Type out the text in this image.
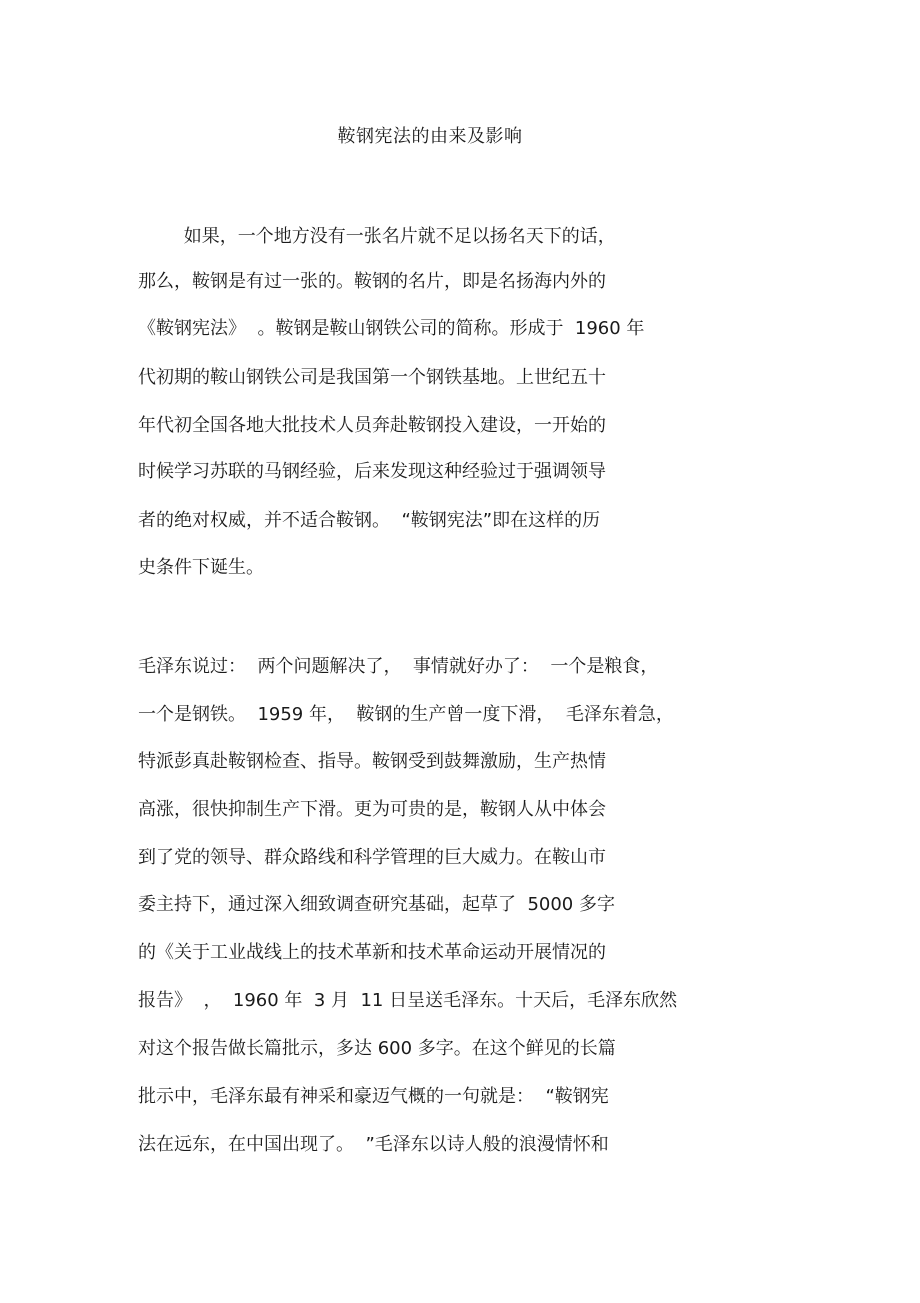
鞍钢宪法的由来及影响
如果，一个地方没有一张名片就不足以扬名天下的话，
那么，鞍钢是有过一张的。鞍钢的名片，即是名扬海内外的
《鞍钢宪法》  。鞍钢是鞍山钢铁公司的简称。形成于  1960 年
代初期的鞍山钢铁公司是我国第一个钢铁基地。上世纪五十
年代初全国各地大批技术人员奔赴鞍钢投入建设，一开始的
时候学习苏联的马钢经验，后来发现这种经验过于强调领导
者的绝对权威，并不适合鞍钢。  “鞍钢宪法”即在这样的历
史条件下诞生。
毛泽东说过：  两个问题解决了，  事情就好办了：  一个是粮食，
一个是钢铁。  1959 年，  鞍钢的生产曾一度下滑，  毛泽东着急，
特派彭真赴鞍钢检查、指导。鞍钢受到鼓舞激励，生产热情
高涨，很快抑制生产下滑。更为可贵的是，鞍钢人从中体会
到了党的领导、群众路线和科学管理的巨大威力。在鞍山市
委主持下，通过深入细致调查研究基础，起草了  5000 多字
的《关于工业战线上的技术革新和技术革命运动开展情况的
报告》  ，  1960 年  3 月  11 日呈送毛泽东。十天后，毛泽东欣然
对这个报告做长篇批示，多达 600 多字。在这个鲜见的长篇
批示中，毛泽东最有神采和豪迈气概的一句就是：  “鞍钢宪
法在远东，在中国出现了。  ”毛泽东以诗人般的浪漫情怀和
